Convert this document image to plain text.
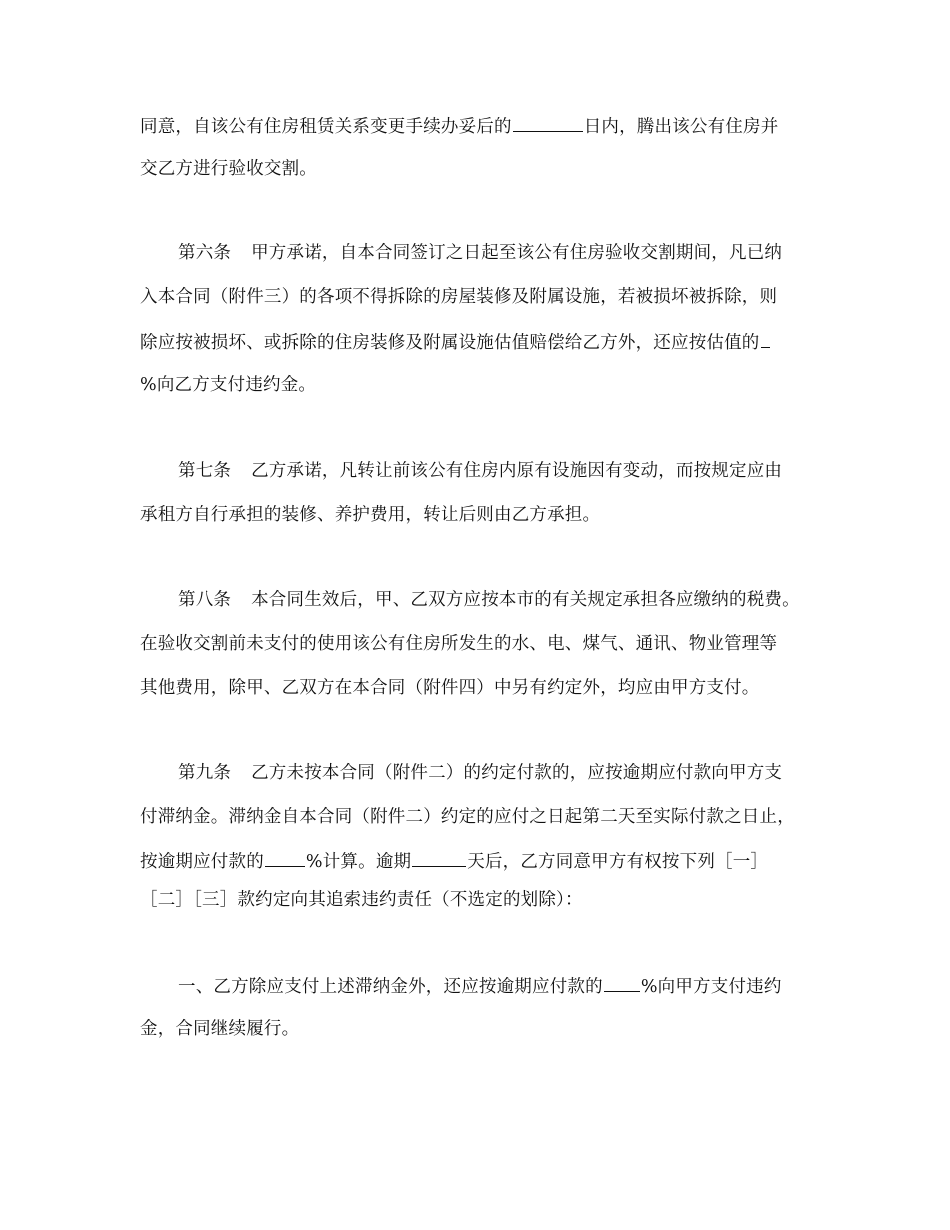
同意，自该公有住房租赁关系变更手续办妥后的	日内，腾出该公有住房并
交乙方进行验收交割。
第六条 甲方承诺，自本合同签订之日起至该公有住房验收交割期间，凡已纳
入本合同（附件三）的各项不得拆除的房屋装修及附属设施，若被损坏被拆除，则
除应按被损坏、或拆除的住房装修及附属设施估值赔偿给乙方外，还应按估值的
%向乙方支付违约金。
第七条 乙方承诺，凡转让前该公有住房内原有设施因有变动，而按规定应由
承租方自行承担的装修、养护费用，转让后则由乙方承担。
第八条 本合同生效后，甲、乙双方应按本市的有关规定承担各应缴纳的税费。
在验收交割前未支付的使用该公有住房所发生的水、电、煤气、通讯、物业管理等
其他费用，除甲、乙双方在本合同（附件四）中另有约定外，均应由甲方支付。
第九条 乙方未按本合同（附件二）的约定付款的，应按逾期应付款向甲方支
付滞纳金。滞纳金自本合同（附件二）约定的应付之日起第二天至实际付款之日止，
按逾期应付款的 %计算。逾期	天后，乙方同意甲方有权按下列［一］
［二］［三］款约定向其追索违约责任（不选定的划除）：
一、乙方除应支付上述滞纳金外，还应按逾期应付款的 %向甲方支付违约
金，合同继续履行。
